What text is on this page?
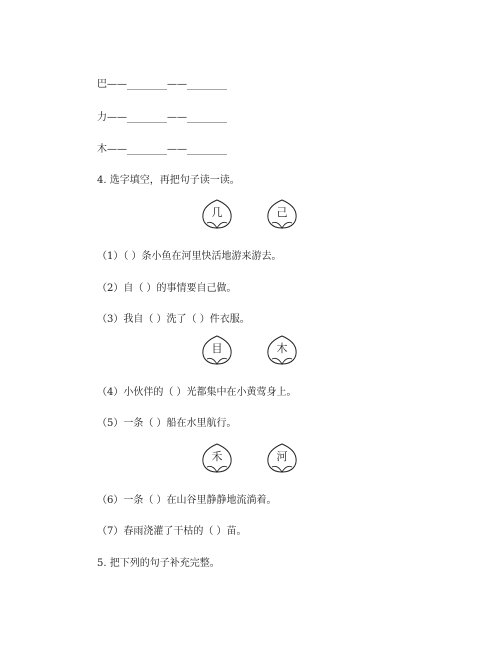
巴——________——________
力——________——________
木——________——________
4. 选字填空，再把句子读一读。
几	己
（1）（ ）条小鱼在河里快活地游来游去。
（2）自（ ）的事情要自己做。
（3）我自（ ）洗了（ ）件衣服。
目	木
（4）小伙伴的（ ）光都集中在小黄莺身上。
（5）一条（ ）船在水里航行。
禾	河
（6）一条（ ）在山谷里静静地流淌着。
（7）春雨浇灌了干枯的（ ）苗。
5. 把下列的句子补充完整。
